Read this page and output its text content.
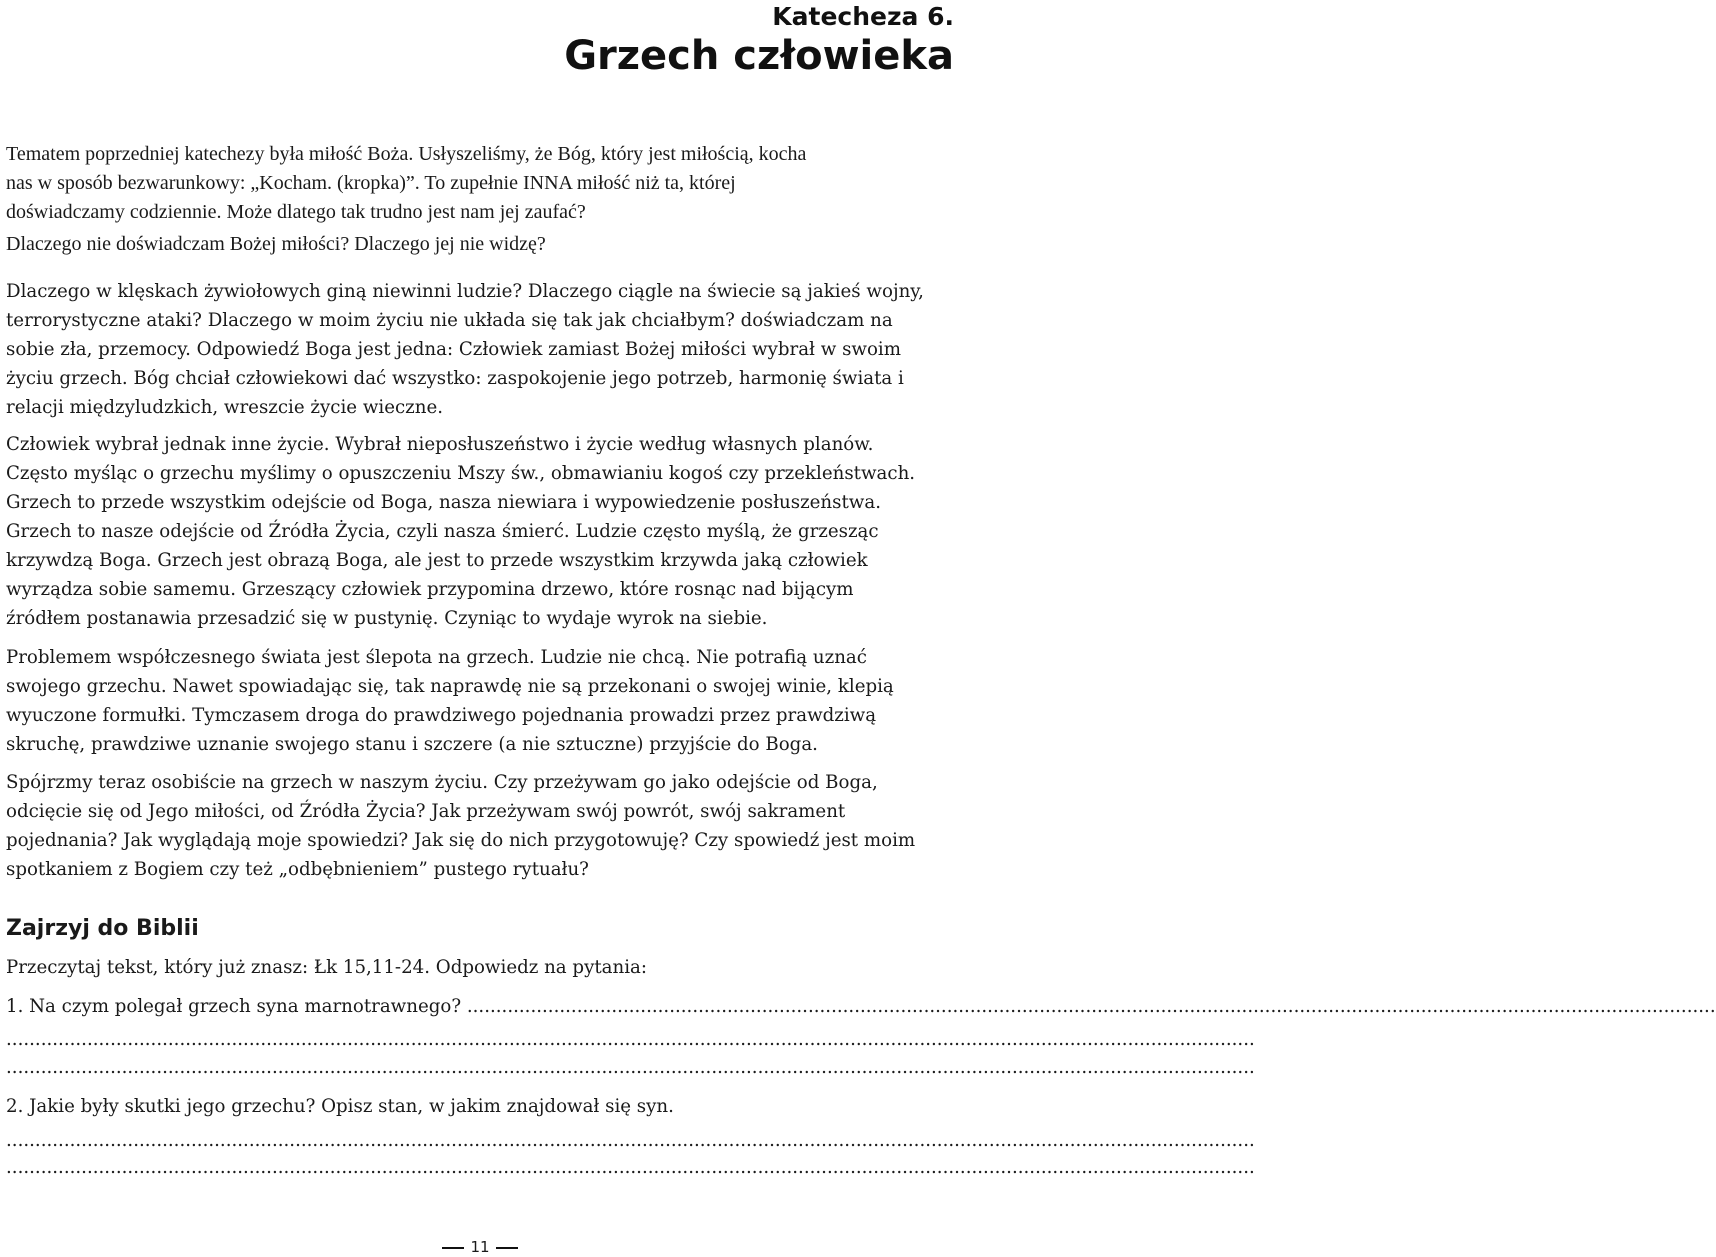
Katecheza 6.
Grzech człowieka
Tematem poprzedniej katechezy była miłość Boża. Usłyszeliśmy, że Bóg, który jest miłością, kocha
nas w sposób bezwarunkowy: „Kocham. (kropka)”. To zupełnie INNA miłość niż ta, której
doświadczamy codziennie. Może dlatego tak trudno jest nam jej zaufać?
Dlaczego nie doświadczam Bożej miłości? Dlaczego jej nie widzę?
Dlaczego w klęskach żywiołowych giną niewinni ludzie? Dlaczego ciągle na świecie są jakieś wojny,
terrorystyczne ataki? Dlaczego w moim życiu nie układa się tak jak chciałbym? doświadczam na
sobie zła, przemocy. Odpowiedź Boga jest jedna: Człowiek zamiast Bożej miłości wybrał w swoim
życiu grzech. Bóg chciał człowiekowi dać wszystko: zaspokojenie jego potrzeb, harmonię świata i
relacji międzyludzkich, wreszcie życie wieczne.
Człowiek wybrał jednak inne życie. Wybrał nieposłuszeństwo i życie według własnych planów.
Często myśląc o grzechu myślimy o opuszczeniu Mszy św., obmawianiu kogoś czy przekleństwach.
Grzech to przede wszystkim odejście od Boga, nasza niewiara i wypowiedzenie posłuszeństwa.
Grzech to nasze odejście od Źródła Życia, czyli nasza śmierć. Ludzie często myślą, że grzesząc
krzywdzą Boga. Grzech jest obrazą Boga, ale jest to przede wszystkim krzywda jaką człowiek
wyrządza sobie samemu. Grzeszący człowiek przypomina drzewo, które rosnąc nad bijącym
źródłem postanawia przesadzić się w pustynię. Czyniąc to wydaje wyrok na siebie.
Problemem współczesnego świata jest ślepota na grzech. Ludzie nie chcą. Nie potrafią uznać
swojego grzechu. Nawet spowiadając się, tak naprawdę nie są przekonani o swojej winie, klepią
wyuczone formułki. Tymczasem droga do prawdziwego pojednania prowadzi przez prawdziwą
skruchę, prawdziwe uznanie swojego stanu i szczere (a nie sztuczne) przyjście do Boga.
Spójrzmy teraz osobiście na grzech w naszym życiu. Czy przeżywam go jako odejście od Boga,
odcięcie się od Jego miłości, od Źródła Życia? Jak przeżywam swój powrót, swój sakrament
pojednania? Jak wyglądają moje spowiedzi? Jak się do nich przygotowuję? Czy spowiedź jest moim
spotkaniem z Bogiem czy też „odbębnieniem” pustego rytuału?
Zajrzyj do Biblii
Przeczytaj tekst, który już znasz: Łk 15,11-24. Odpowiedz na pytania:
1. Na czym polegał grzech syna marnotrawnego? ........................................................................................................................................................................................................................
........................................................................................................................................................................................................................
........................................................................................................................................................................................................................
2. Jakie były skutki jego grzechu? Opisz stan, w jakim znajdował się syn.
........................................................................................................................................................................................................................
........................................................................................................................................................................................................................
11
